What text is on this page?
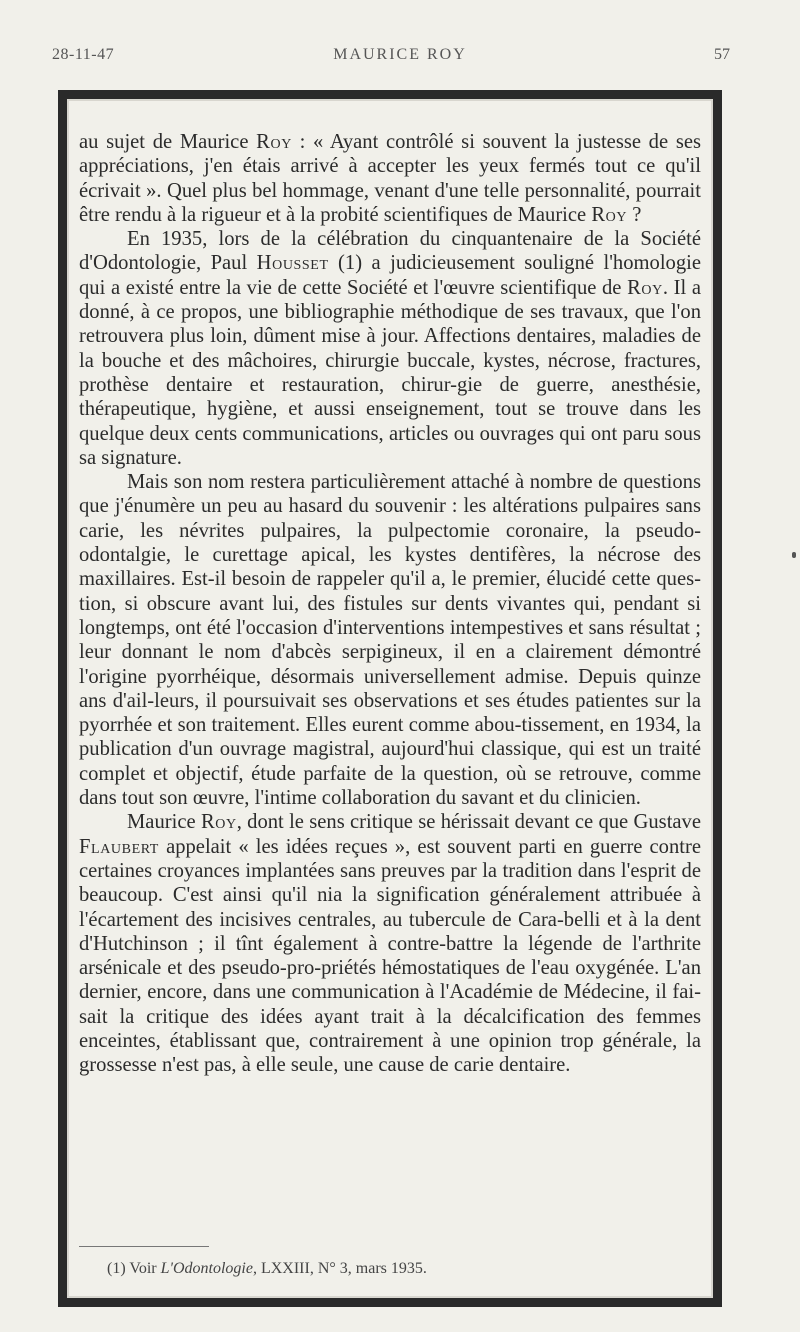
28-11-47	MAURICE ROY	57

au sujet de Maurice Roy : « Ayant contrôlé si souvent la justesse de ses appréciations, j'en étais arrivé à accepter les yeux fermés tout ce qu'il écrivait ». Quel plus bel hommage, venant d'une telle personnalité, pourrait être rendu à la rigueur et à la probité scientifiques de Maurice Roy ?

En 1935, lors de la célébration du cinquantenaire de la Société d'Odontologie, Paul Housset (1) a judicieusement souligné l'homologie qui a existé entre la vie de cette Société et l'œuvre scientifique de Roy. Il a donné, à ce propos, une bibliographie méthodique de ses travaux, que l'on retrouvera plus loin, dûment mise à jour. Affections dentaires, maladies de la bouche et des mâchoires, chirurgie buccale, kystes, nécrose, fractures, prothèse dentaire et restauration, chirur-gie de guerre, anesthésie, thérapeutique, hygiène, et aussi enseignement, tout se trouve dans les quelque deux cents communications, articles ou ouvrages qui ont paru sous sa signature.

Mais son nom restera particulièrement attaché à nombre de questions que j'énumère un peu au hasard du souvenir : les altérations pulpaires sans carie, les névrites pulpaires, la pulpectomie coronaire, la pseudo-odontalgie, le curettage apical, les kystes dentifères, la nécrose des maxillaires. Est-il besoin de rappeler qu'il a, le premier, élucidé cette ques-tion, si obscure avant lui, des fistules sur dents vivantes qui, pendant si longtemps, ont été l'occasion d'interventions intempestives et sans résultat ; leur donnant le nom d'abcès serpigineux, il en a clairement démontré l'origine pyorrhéique, désormais universellement admise. Depuis quinze ans d'ail-leurs, il poursuivait ses observations et ses études patientes sur la pyorrhée et son traitement. Elles eurent comme abou-tissement, en 1934, la publication d'un ouvrage magistral, aujourd'hui classique, qui est un traité complet et objectif, étude parfaite de la question, où se retrouve, comme dans tout son œuvre, l'intime collaboration du savant et du clinicien.

Maurice Roy, dont le sens critique se hérissait devant ce que Gustave Flaubert appelait « les idées reçues », est souvent parti en guerre contre certaines croyances implantées sans preuves par la tradition dans l'esprit de beaucoup. C'est ainsi qu'il nia la signification généralement attribuée à l'écartement des incisives centrales, au tubercule de Cara-belli et à la dent d'Hutchinson ; il tînt également à contre-battre la légende de l'arthrite arsénicale et des pseudo-pro-priétés hémostatiques de l'eau oxygénée. L'an dernier, encore, dans une communication à l'Académie de Médecine, il fai-sait la critique des idées ayant trait à la décalcification des femmes enceintes, établissant que, contrairement à une opinion trop générale, la grossesse n'est pas, à elle seule, une cause de carie dentaire.

(1) Voir L'Odontologie, LXXIII, N° 3, mars 1935.
